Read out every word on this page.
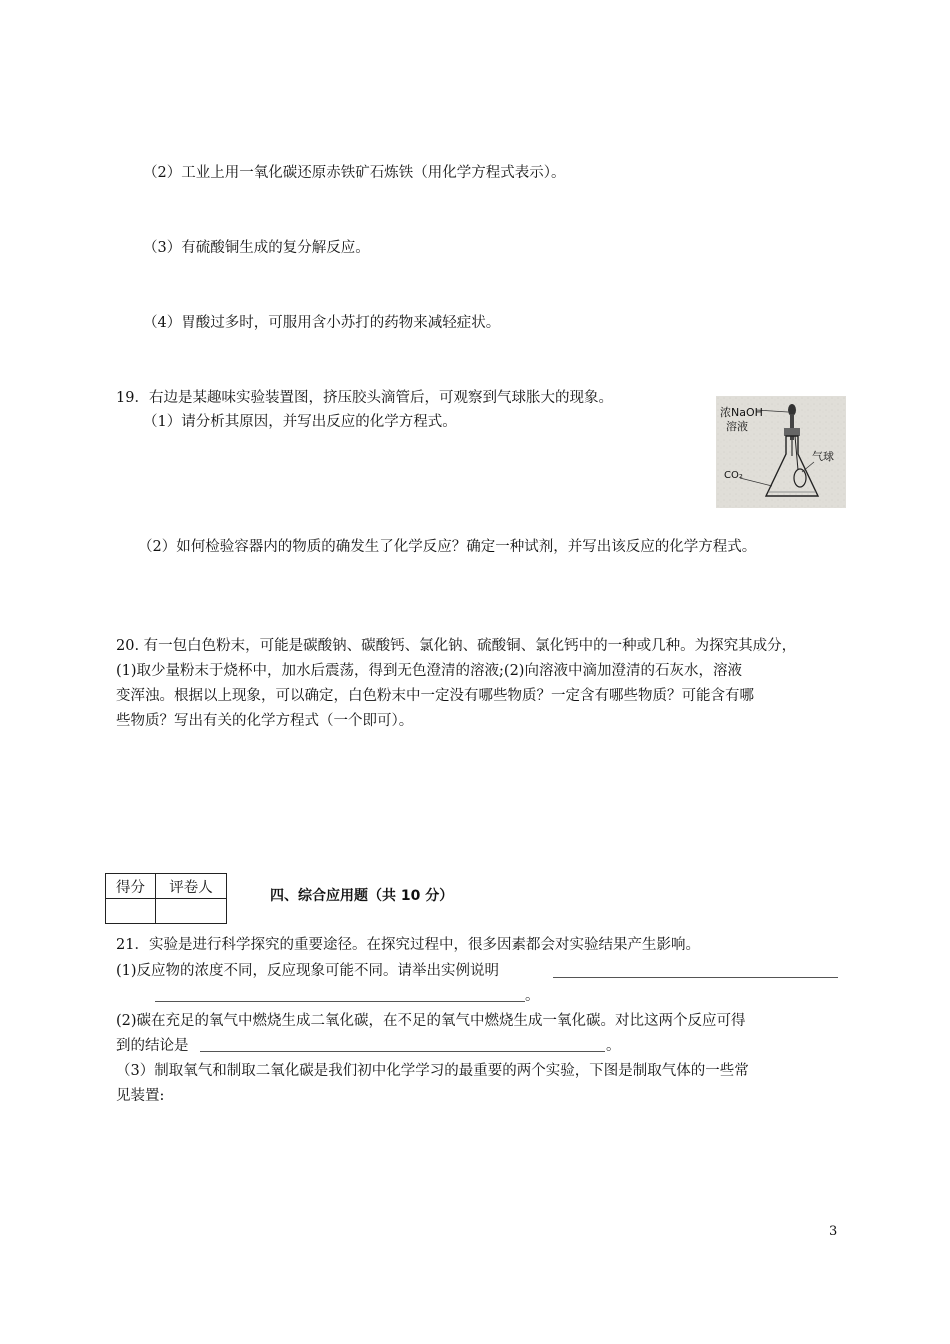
（2）工业上用一氧化碳还原赤铁矿石炼铁（用化学方程式表示）。
（3）有硫酸铜生成的复分解反应。
（4）胃酸过多时，可服用含小苏打的药物来减轻症状。
19．右边是某趣味实验装置图，挤压胶头滴管后，可观察到气球胀大的现象。
（1）请分析其原因，并写出反应的化学方程式。
浓NaOH
溶液
气球
CO₂
（2）如何检验容器内的物质的确发生了化学反应？确定一种试剂，并写出该反应的化学方程式。
20. 有一包白色粉末，可能是碳酸钠、碳酸钙、氯化钠、硫酸铜、氯化钙中的一种或几种。为探究其成分，
(1)取少量粉末于烧杯中，加水后震荡，得到无色澄清的溶液;(2)向溶液中滴加澄清的石灰水，溶液
变浑浊。根据以上现象，可以确定，白色粉末中一定没有哪些物质？一定含有哪些物质？可能含有哪
些物质？写出有关的化学方程式（一个即可）。
得分	评卷人

四、综合应用题（共 10 分）
21．实验是进行科学探究的重要途径。在探究过程中，很多因素都会对实验结果产生影响。
(1)反应物的浓度不同，反应现象可能不同。请举出实例说明
。
(2)碳在充足的氧气中燃烧生成二氧化碳，在不足的氧气中燃烧生成一氧化碳。对比这两个反应可得
到的结论是	。
（3）制取氧气和制取二氧化碳是我们初中化学学习的最重要的两个实验，下图是制取气体的一些常
见装置:
3
